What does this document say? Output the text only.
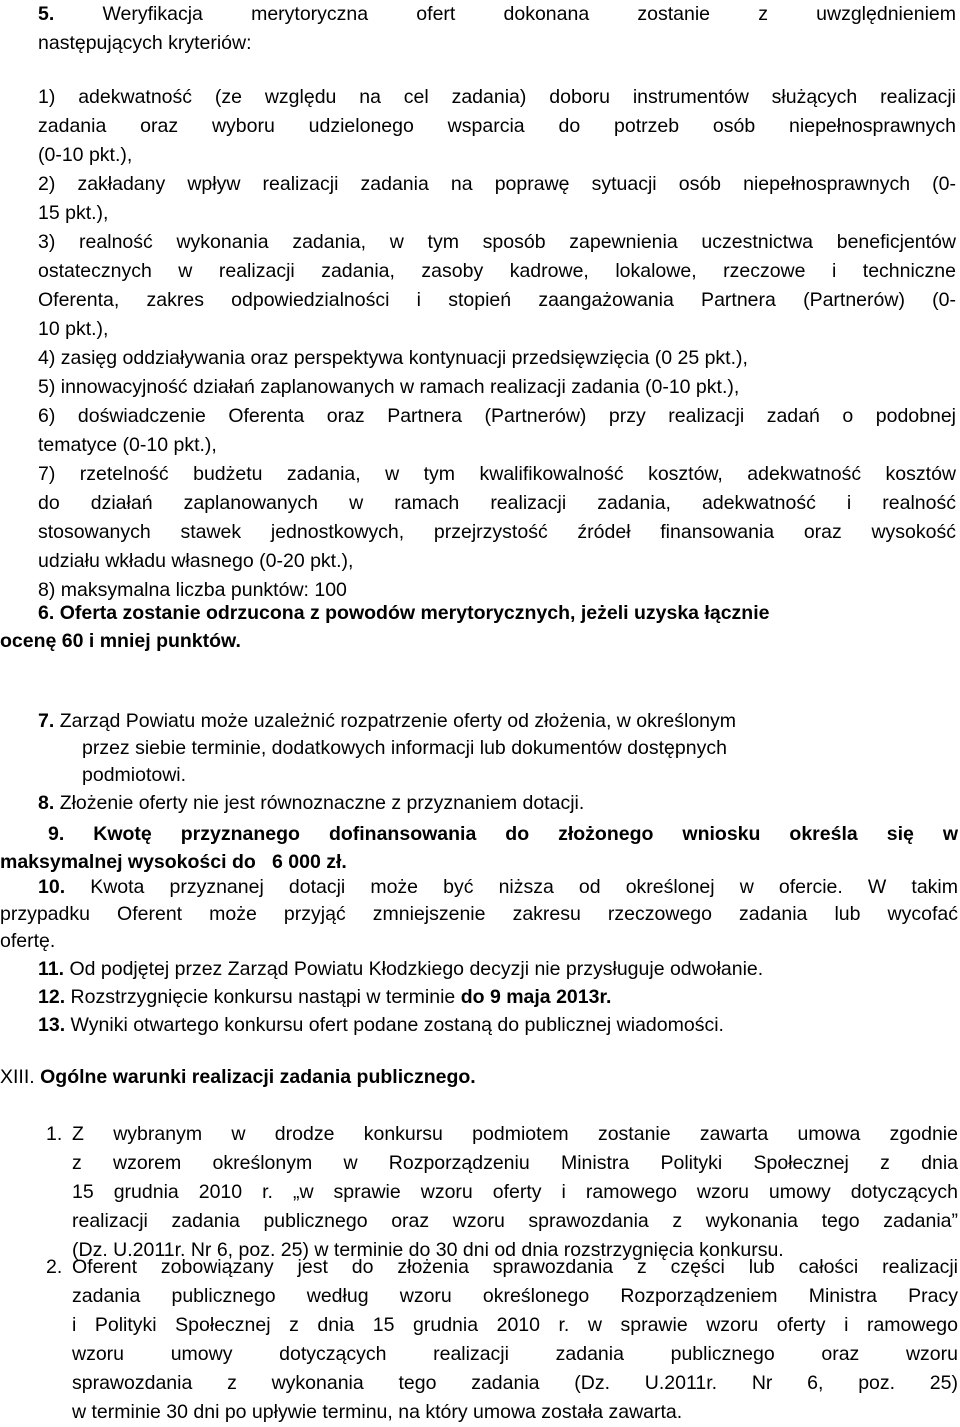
5. Weryfikacja merytoryczna ofert dokonana zostanie z uwzględnieniem
następujących kryteriów:
1) adekwatność (ze względu na cel zadania) doboru instrumentów służących realizacji
zadania oraz wyboru udzielonego wsparcia do potrzeb osób niepełnosprawnych
(0-10 pkt.),
2) zakładany wpływ realizacji zadania na poprawę sytuacji osób niepełnosprawnych (0-
15 pkt.),
3) realność wykonania zadania, w tym sposób zapewnienia uczestnictwa beneficjentów
ostatecznych w realizacji zadania, zasoby kadrowe, lokalowe, rzeczowe i techniczne
Oferenta, zakres odpowiedzialności i stopień zaangażowania Partnera (Partnerów) (0-
10 pkt.),
4) zasięg oddziaływania oraz perspektywa kontynuacji przedsięwzięcia (0 25 pkt.),
5) innowacyjność działań zaplanowanych w ramach realizacji zadania (0-10 pkt.),
6) doświadczenie Oferenta oraz Partnera (Partnerów) przy realizacji zadań o podobnej
tematyce (0-10 pkt.),
7) rzetelność budżetu zadania, w tym kwalifikowalność kosztów, adekwatność kosztów
do działań zaplanowanych w ramach realizacji zadania, adekwatność i realność
stosowanych stawek jednostkowych, przejrzystość źródeł finansowania oraz wysokość
udziału wkładu własnego (0-20 pkt.),
8) maksymalna liczba punktów: 100
6. Oferta zostanie odrzucona z powodów merytorycznych, jeżeli uzyska łącznie
ocenę 60 i mniej punktów.
7. Zarząd Powiatu może uzależnić rozpatrzenie oferty od złożenia, w określonym
przez siebie terminie, dodatkowych informacji lub dokumentów dostępnych
podmiotowi.
8. Złożenie oferty nie jest równoznaczne z przyznaniem dotacji.
9. Kwotę przyznanego dofinansowania do złożonego wniosku określa się w
maksymalnej wysokości do   6 000 zł.
10. Kwota przyznanej dotacji może być niższa od określonej w ofercie. W takim
przypadku Oferent może przyjąć zmniejszenie zakresu rzeczowego zadania lub wycofać
ofertę.
11. Od podjętej przez Zarząd Powiatu Kłodzkiego decyzji nie przysługuje odwołanie.
12. Rozstrzygnięcie konkursu nastąpi w terminie do 9 maja 2013r.
13. Wyniki otwartego konkursu ofert podane zostaną do publicznej wiadomości.
XIII. Ogólne warunki realizacji zadania publicznego.
1. Z wybranym w drodze konkursu podmiotem zostanie zawarta umowa zgodnie
z wzorem określonym w Rozporządzeniu Ministra Polityki Społecznej z dnia
15 grudnia 2010 r. „w sprawie wzoru oferty i ramowego wzoru umowy dotyczących
realizacji zadania publicznego oraz wzoru sprawozdania z wykonania tego zadania”
(Dz. U.2011r. Nr 6, poz. 25) w terminie do 30 dni od dnia rozstrzygnięcia konkursu.
2. Oferent zobowiązany jest do złożenia sprawozdania z części lub całości realizacji
zadania publicznego według wzoru określonego Rozporządzeniem Ministra Pracy
i Polityki Społecznej z dnia 15 grudnia 2010 r. w sprawie wzoru oferty i ramowego
wzoru umowy dotyczących realizacji zadania publicznego oraz wzoru
sprawozdania z wykonania tego zadania (Dz. U.2011r. Nr 6, poz. 25)
w terminie 30 dni po upływie terminu, na który umowa została zawarta.
